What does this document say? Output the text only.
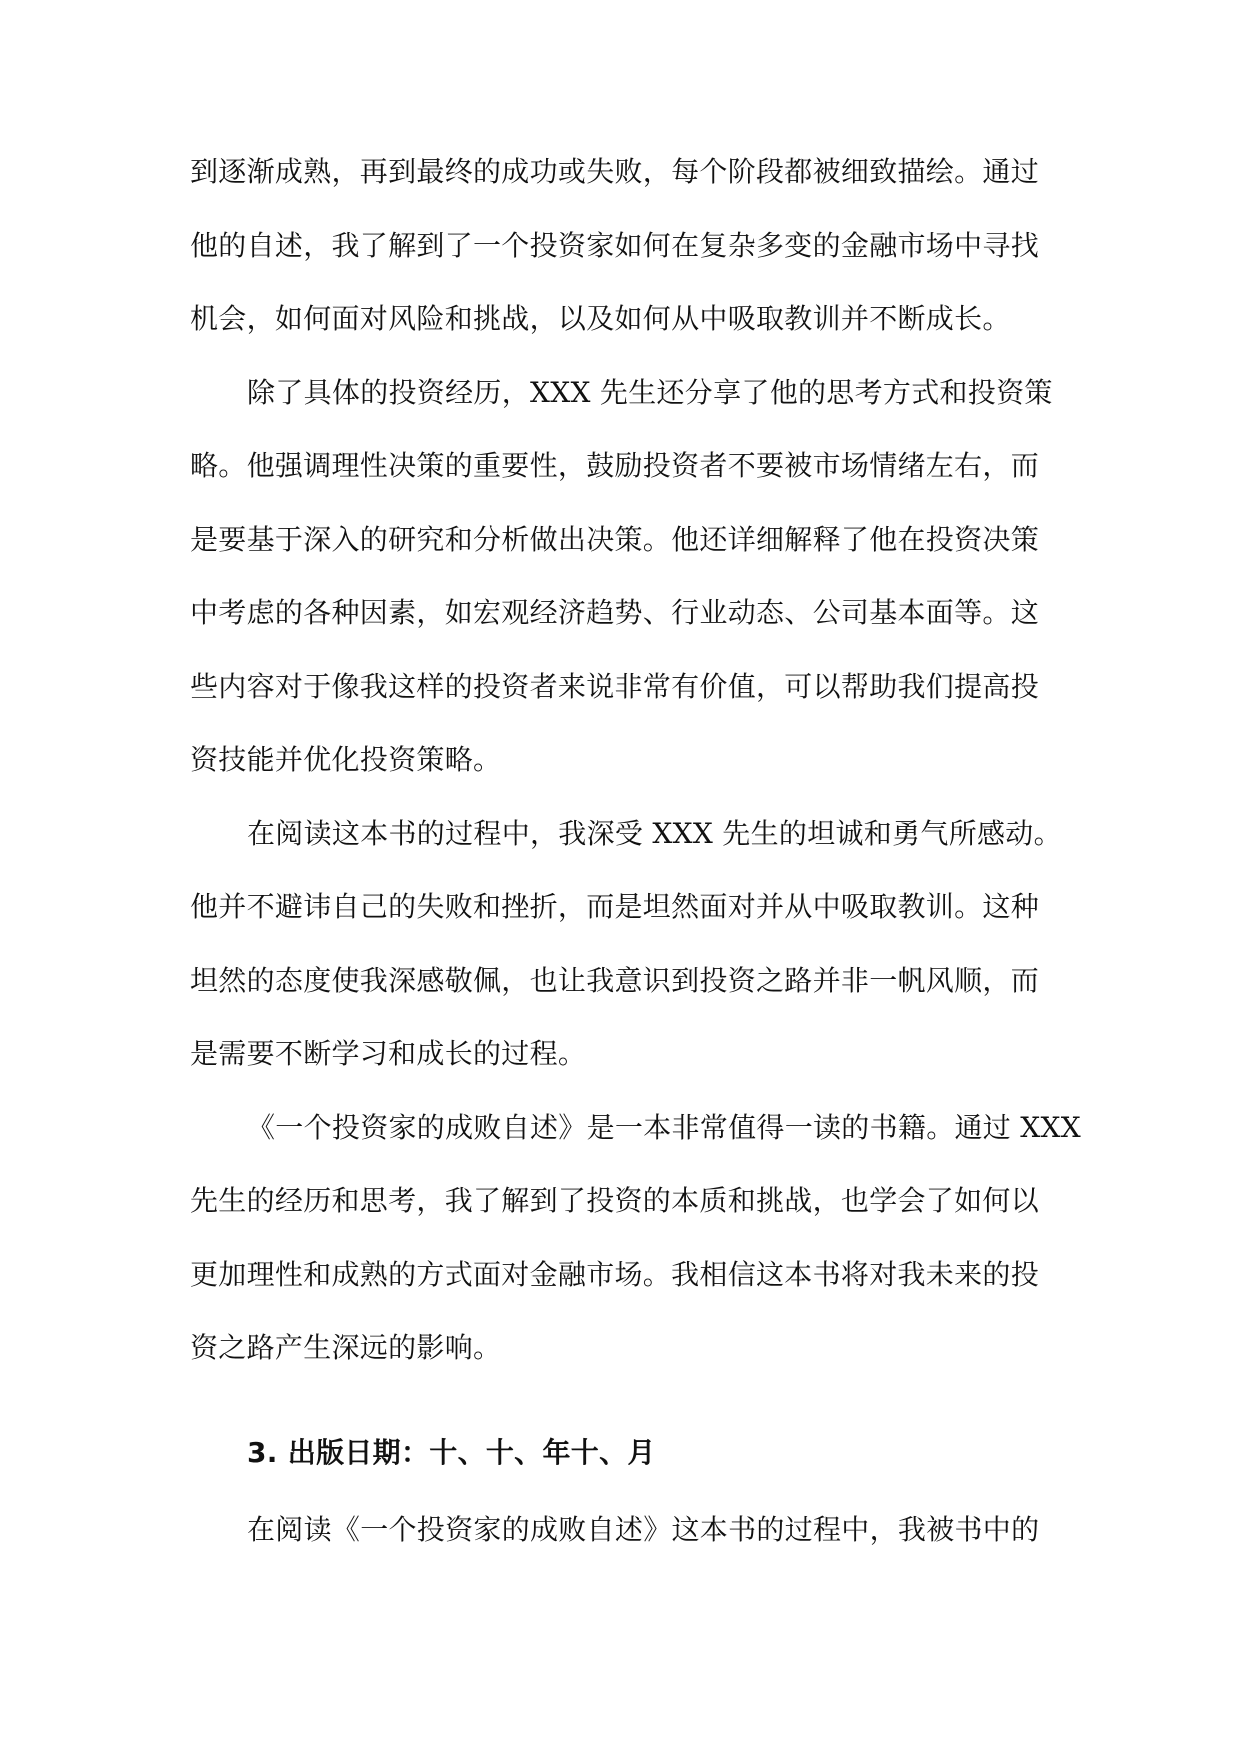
到逐渐成熟，再到最终的成功或失败，每个阶段都被细致描绘。通过
他的自述，我了解到了一个投资家如何在复杂多变的金融市场中寻找
机会，如何面对风险和挑战，以及如何从中吸取教训并不断成长。
除了具体的投资经历，XXX 先生还分享了他的思考方式和投资策
略。他强调理性决策的重要性，鼓励投资者不要被市场情绪左右，而
是要基于深入的研究和分析做出决策。他还详细解释了他在投资决策
中考虑的各种因素，如宏观经济趋势、行业动态、公司基本面等。这
些内容对于像我这样的投资者来说非常有价值，可以帮助我们提高投
资技能并优化投资策略。
在阅读这本书的过程中，我深受 XXX 先生的坦诚和勇气所感动。
他并不避讳自己的失败和挫折，而是坦然面对并从中吸取教训。这种
坦然的态度使我深感敬佩，也让我意识到投资之路并非一帆风顺，而
是需要不断学习和成长的过程。
《一个投资家的成败自述》是一本非常值得一读的书籍。通过 XXX
先生的经历和思考，我了解到了投资的本质和挑战，也学会了如何以
更加理性和成熟的方式面对金融市场。我相信这本书将对我未来的投
资之路产生深远的影响。
3. 出版日期：十、十、年十、月
在阅读《一个投资家的成败自述》这本书的过程中，我被书中的
